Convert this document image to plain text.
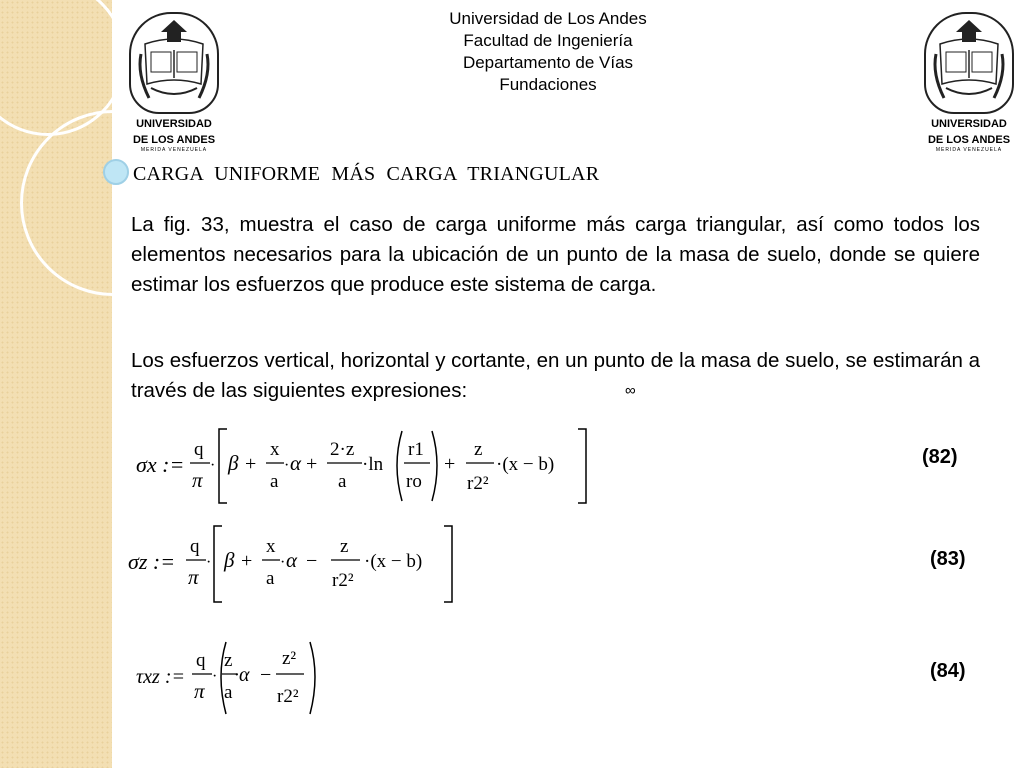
UNIVERSIDAD
DE LOS ANDES
MERIDA VENEZUELA
UNIVERSIDAD
DE LOS ANDES
MERIDA VENEZUELA
Universidad de Los Andes
Facultad de Ingeniería
Departamento de Vías
Fundaciones
CARGA UNIFORME MÁS CARGA TRIANGULAR
La fig. 33, muestra el caso de carga uniforme más carga triangular, así como todos los elementos necesarios para la ubicación de un punto de la masa de suelo, donde se quiere estimar los esfuerzos que produce este sistema de carga.
Los esfuerzos vertical, horizontal y cortante, en un punto de la masa de suelo, se estimarán a través de las siguientes expresiones:	∞
σx :=
q
π
· β +
x
a
· α +
2·z
a
·ln
r1
ro
+
z
r2²
·(x − b)	(82)
σz :=
q
π
· β +
x
a
· α −
z
r2²
·(x − b)	(83)
τxz :=
q
π
·
z
a
·α −
z²
r2²
(84)
